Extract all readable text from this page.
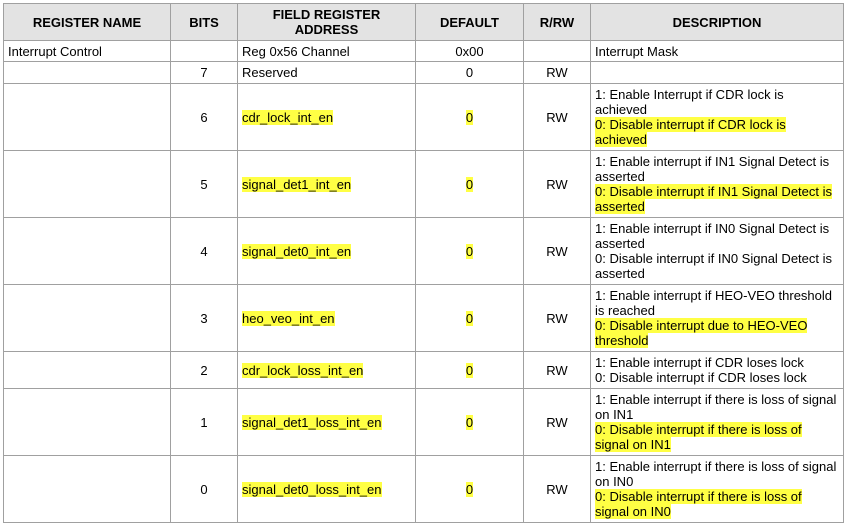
REGISTER NAME	BITS	FIELD REGISTER ADDRESS	DEFAULT	R/RW	DESCRIPTION
Interrupt Control		Reg 0x56 Channel	0x00		Interrupt Mask
	7	Reserved	0	RW	
	6	cdr_lock_int_en	0	RW	1: Enable Interrupt if CDR lock is achieved
0: Disable interrupt if CDR lock is achieved

	5	signal_det1_int_en	0	RW	1: Enable interrupt if IN1 Signal Detect is asserted
0: Disable interrupt if IN1 Signal Detect is asserted

	4	signal_det0_int_en	0	RW	1: Enable interrupt if IN0 Signal Detect is asserted
0: Disable interrupt if IN0 Signal Detect is asserted

	3	heo_veo_int_en	0	RW	1: Enable interrupt if HEO-VEO threshold is reached
0: Disable interrupt due to HEO-VEO threshold

	2	cdr_lock_loss_int_en	0	RW	1: Enable interrupt if CDR loses lock
0: Disable interrupt if CDR loses lock

	1	signal_det1_loss_int_en	0	RW	1: Enable interrupt if there is loss of signal on IN1
0: Disable interrupt if there is loss of signal on IN1

	0	signal_det0_loss_int_en	0	RW	1: Enable interrupt if there is loss of signal on IN0
0: Disable interrupt if there is loss of signal on IN0
